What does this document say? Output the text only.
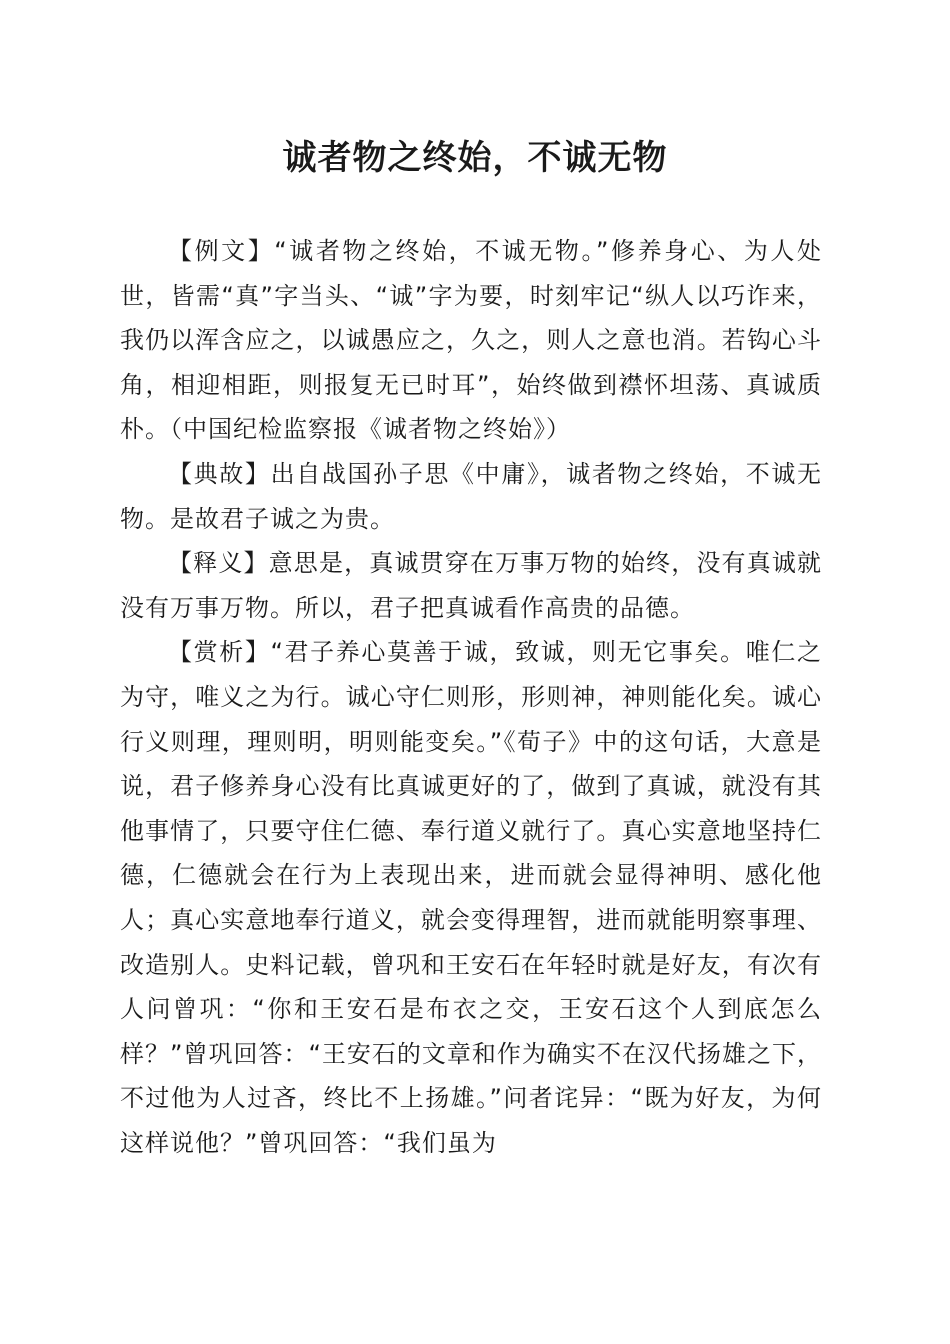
诚者物之终始，不诚无物

【例文】“诚者物之终始，不诚无物。”修养身心、为人处世，皆需“真”字当头、“诚”字为要，时刻牢记“纵人以巧诈来，我仍以浑含应之，以诚愚应之，久之，则人之意也消。若钩心斗角，相迎相距，则报复无已时耳”，始终做到襟怀坦荡、真诚质朴。（中国纪检监察报《诚者物之终始》）

【典故】出自战国孙子思《中庸》，诚者物之终始，不诚无物。是故君子诚之为贵。

【释义】意思是，真诚贯穿在万事万物的始终，没有真诚就没有万事万物。所以，君子把真诚看作高贵的品德。

【赏析】“君子养心莫善于诚，致诚，则无它事矣。唯仁之为守，唯义之为行。诚心守仁则形，形则神，神则能化矣。诚心行义则理，理则明，明则能变矣。”《荀子》中的这句话，大意是说，君子修养身心没有比真诚更好的了，做到了真诚，就没有其他事情了，只要守住仁德、奉行道义就行了。真心实意地坚持仁德，仁德就会在行为上表现出来，进而就会显得神明、感化他人；真心实意地奉行道义，就会变得理智，进而就能明察事理、改造别人。史料记载，曾巩和王安石在年轻时就是好友，有次有人问曾巩：“你和王安石是布衣之交，王安石这个人到底怎么样？”曾巩回答：“王安石的文章和作为确实不在汉代扬雄之下，不过他为人过吝，终比不上扬雄。”问者诧异：“既为好友，为何这样说他？”曾巩回答：“我们虽为
